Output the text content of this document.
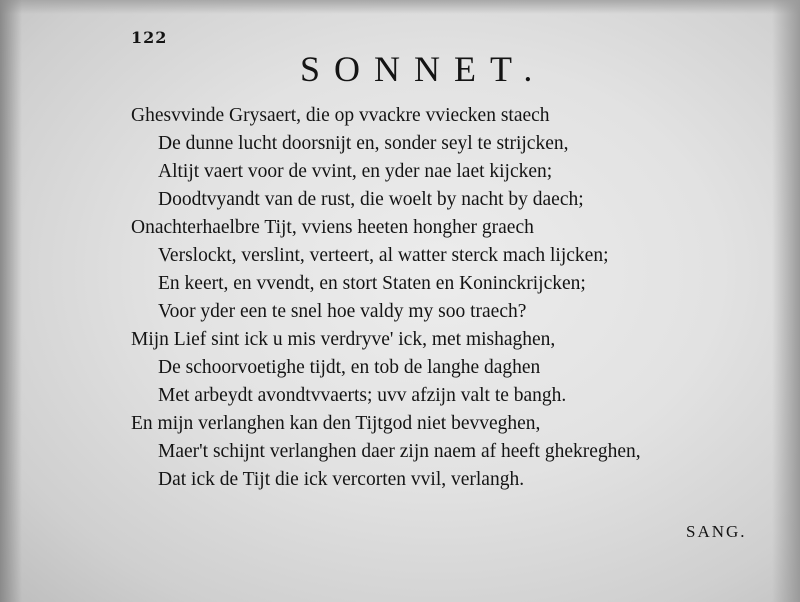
122
SONNET.
Ghesvvinde Grysaert, die op vvackre vviecken staech
De dunne lucht doorsnijt en, sonder seyl te strijcken,
Altijt vaert voor de vvint, en yder nae laet kijcken;
Doodtvyandt van de rust, die woelt by nacht by daech;
Onachterhaelbre Tijt, vviens heeten hongher graech
Verslockt, verslint, verteert, al watter sterck mach lijcken;
En keert, en vvendt, en stort Staten en Koninckrijcken;
Voor yder een te snel hoe valdy my soo traech?
Mijn Lief sint ick u mis verdryve' ick, met mishaghen,
De schoorvoetighe tijdt, en tob de langhe daghen
Met arbeydt avondtvvaerts; uvv afzijn valt te bangh.
En mijn verlanghen kan den Tijtgod niet bevveghen,
Maer't schijnt verlanghen daer zijn naem af heeft ghekreghen,
Dat ick de Tijt die ick vercorten vvil, verlangh.
SANG.
